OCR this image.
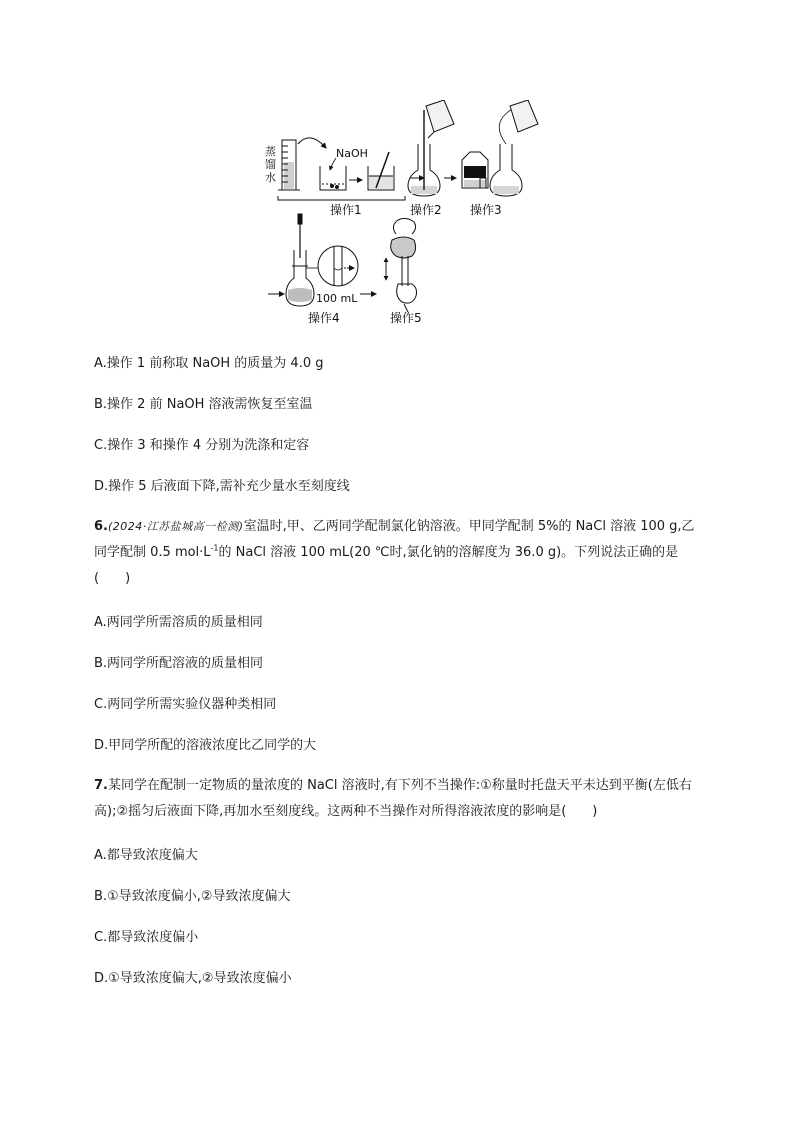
蒸 馏 水
NaOH
操作1	操作2
蒸馏水
操作3
100 mL
操作4	操作5
A.操作 1 前称取 NaOH 的质量为 4.0 g
B.操作 2 前 NaOH 溶液需恢复至室温
C.操作 3 和操作 4 分别为洗涤和定容
D.操作 5 后液面下降,需补充少量水至刻度线
6.(2024·江苏盐城高一检测)室温时,甲、乙两同学配制氯化钠溶液。甲同学配制 5%的 NaCl 溶液 100 g,乙同学配制 0.5 $mol\cdot L^{-1}$的 NaCl 溶液 100 mL(20 ℃时,氯化钠的溶解度为 36.0 g)。下列说法正确的是(　　)
A.两同学所需溶质的质量相同
B.两同学所配溶液的质量相同
C.两同学所需实验仪器种类相同
D.甲同学所配的溶液浓度比乙同学的大
7.某同学在配制一定物质的量浓度的 NaCl 溶液时,有下列不当操作:①称量时托盘天平未达到平衡(左低右高);②摇匀后液面下降,再加水至刻度线。这两种不当操作对所得溶液浓度的影响是(　　)
A.都导致浓度偏大
B.①导致浓度偏小,②导致浓度偏大
C.都导致浓度偏小
D.①导致浓度偏大,②导致浓度偏小
